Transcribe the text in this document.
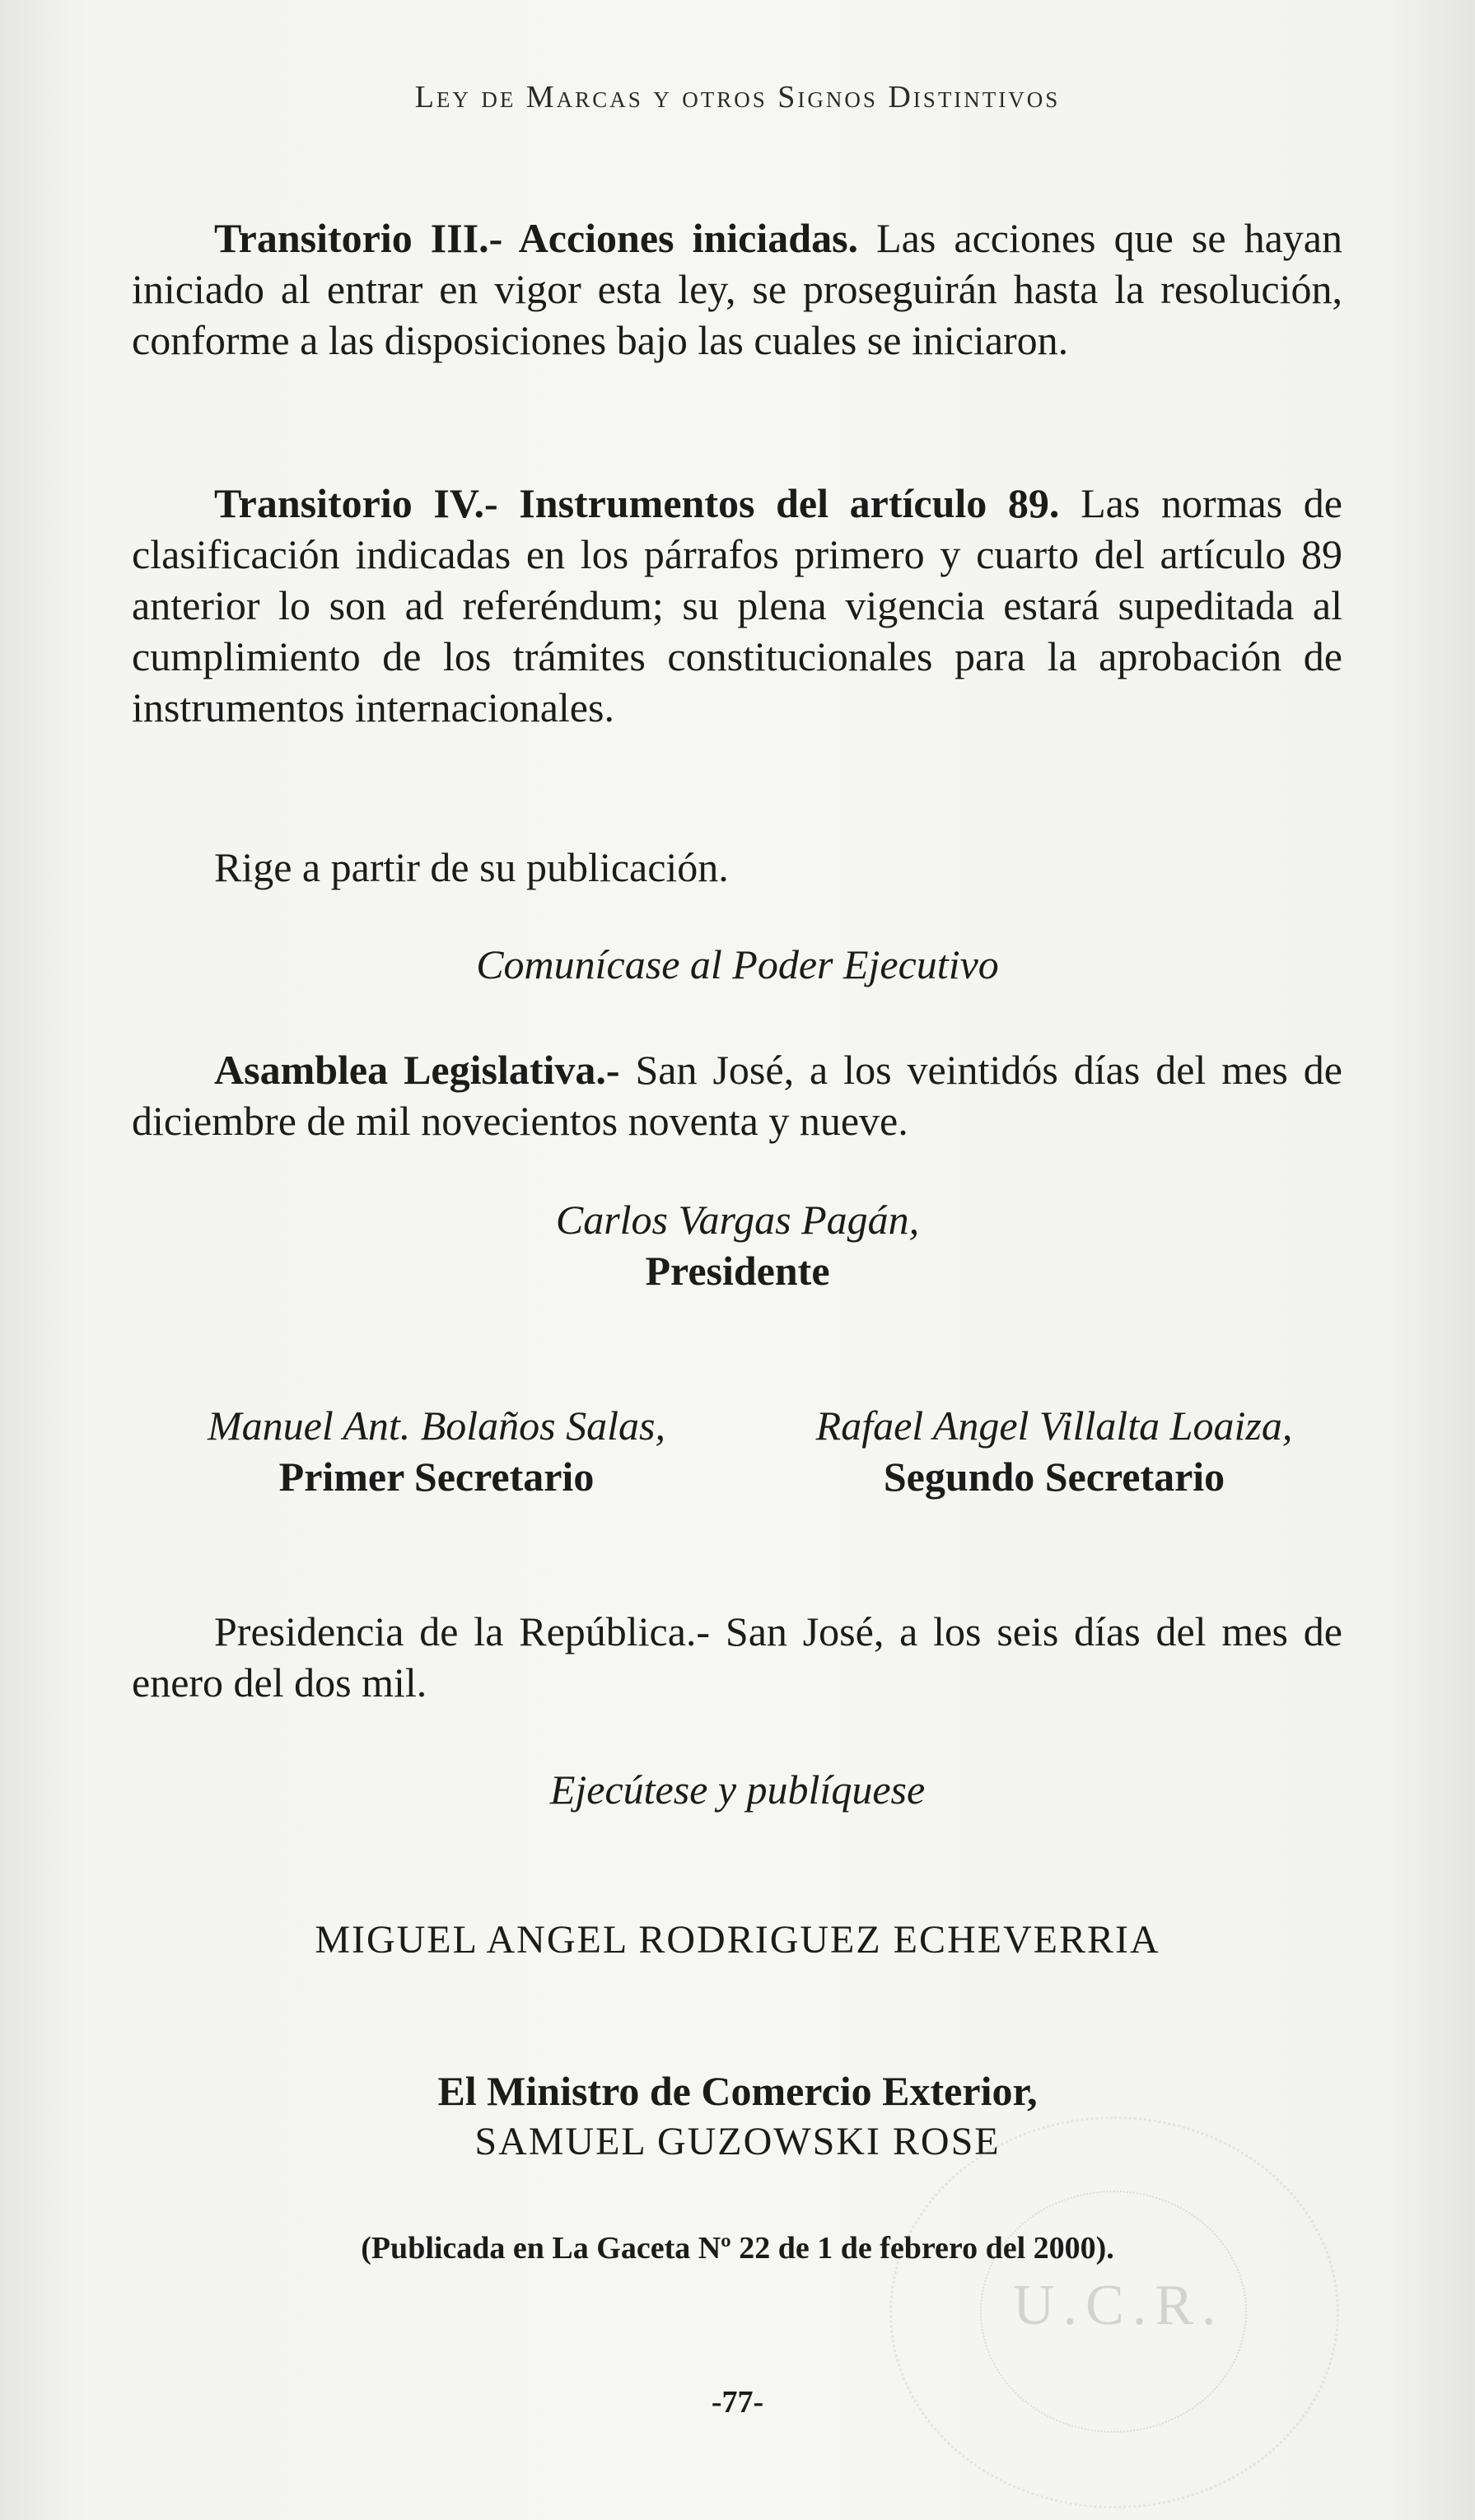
Ley de Marcas y otros Signos Distintivos
Transitorio III.- Acciones iniciadas. Las acciones que se hayan iniciado al entrar en vigor esta ley, se proseguirán hasta la resolución, conforme a las disposiciones bajo las cuales se iniciaron.
Transitorio IV.- Instrumentos del artículo 89. Las normas de clasificación indicadas en los párrafos primero y cuarto del artículo 89 anterior lo son ad referéndum; su plena vigencia estará supeditada al cumplimiento de los trámites constitucionales para la aprobación de instrumentos internacionales.
Rige a partir de su publicación.
Comunícase al Poder Ejecutivo
Asamblea Legislativa.- San José, a los veintidós días del mes de diciembre de mil novecientos noventa y nueve.
Carlos Vargas Pagán,
Presidente
Manuel Ant. Bolaños Salas,
Primer Secretario
Rafael Angel Villalta Loaiza,
Segundo Secretario
Presidencia de la República.- San José, a los seis días del mes de enero del dos mil.
Ejecútese y publíquese
MIGUEL ANGEL RODRIGUEZ ECHEVERRIA
El Ministro de Comercio Exterior,
SAMUEL GUZOWSKI ROSE
U.C.R.
(Publicada en La Gaceta Nº 22 de 1 de febrero del 2000).
-77-
